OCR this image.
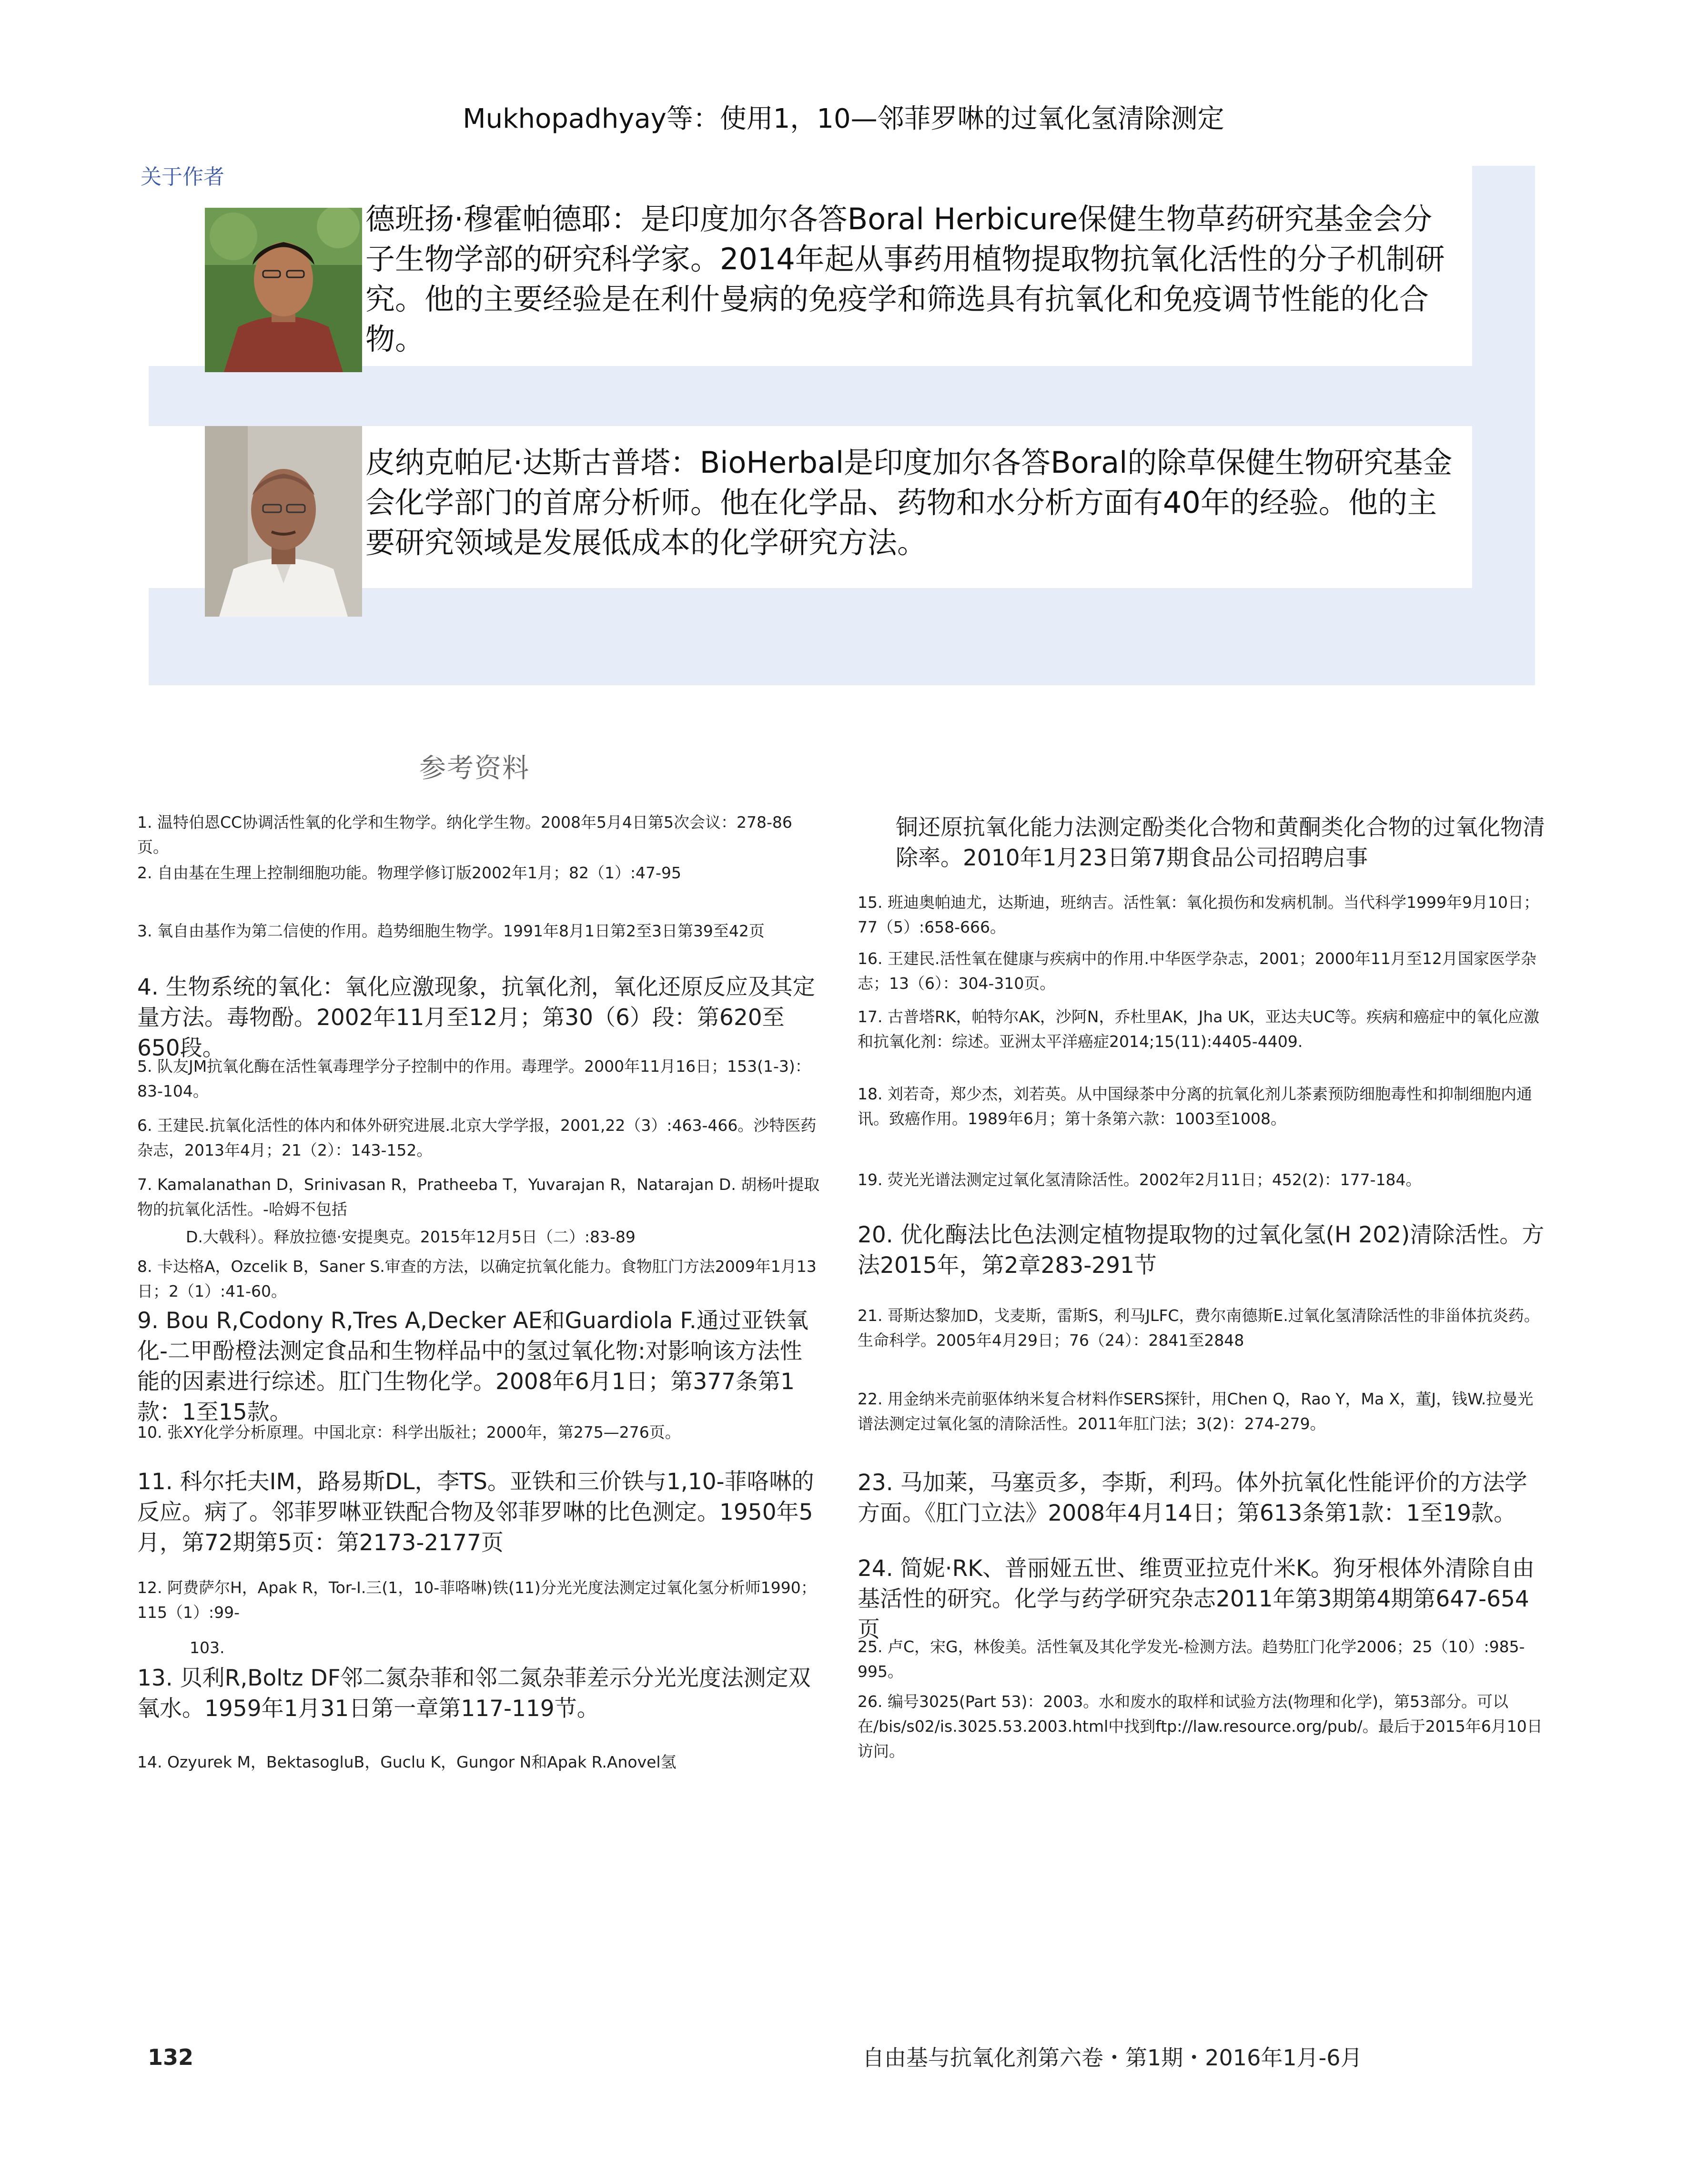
Mukhopadhyay等：使用1，10—邻菲罗啉的过氧化氢清除测定
德班扬·穆霍帕德耶：是印度加尔各答Boral Herbicure保健生物草药研究基金会分子生物学部的研究科学家。2014年起从事药用植物提取物抗氧化活性的分子机制研究。他的主要经验是在利什曼病的免疫学和筛选具有抗氧化和免疫调节性能的化合物。
皮纳克帕尼·达斯古普塔：BioHerbal是印度加尔各答Boral的除草保健生物研究基金会化学部门的首席分析师。他在化学品、药物和水分析方面有40年的经验。他的主要研究领域是发展低成本的化学研究方法。
关于作者
参考资料
1. 温特伯恩CC协调活性氧的化学和生物学。纳化学生物。2008年5月4日第5次会议：278-86页。
2. 自由基在生理上控制细胞功能。物理学修订版2002年1月；82（1）:47-95
3. 氧自由基作为第二信使的作用。趋势细胞生物学。1991年8月1日第2至3日第39至42页
4. 生物系统的氧化：氧化应激现象，抗氧化剂，氧化还原反应及其定量方法。毒物酚。2002年11月至12月；第30（6）段：第620至650段。
5. 队友JM抗氧化酶在活性氧毒理学分子控制中的作用。毒理学。2000年11月16日；153(1-3)：83-104。
6. 王建民.抗氧化活性的体内和体外研究进展.北京大学学报，2001,22（3）:463-466。沙特医药杂志，2013年4月；21（2）：143-152。
7. Kamalanathan D，Srinivasan R，Pratheeba T，Yuvarajan R，Natarajan D. 胡杨叶提取物的抗氧化活性。-哈姆不包括
D.大戟科）。释放拉德·安提奥克。2015年12月5日（二）:83-89
8. 卡达格A，Ozcelik B，Saner S.审查的方法，以确定抗氧化能力。食物肛门方法2009年1月13日；2（1）:41-60。
9. Bou R,Codony R,Tres A,Decker AE和Guardiola F.通过亚铁氧化-二甲酚橙法测定食品和生物样品中的氢过氧化物:对影响该方法性能的因素进行综述。肛门生物化学。2008年6月1日；第377条第1款：1至15款。
10. 张XY化学分析原理。中国北京：科学出版社；2000年，第275—276页。
11. 科尔托夫IM，路易斯DL，李TS。亚铁和三价铁与1,10-菲咯啉的反应。病了。邻菲罗啉亚铁配合物及邻菲罗啉的比色测定。1950年5月，第72期第5页：第2173-2177页
12. 阿费萨尔H，Apak R，Tor-Ⅰ.三(1，10-菲咯啉)铁(11)分光光度法测定过氧化氢分析师1990；115（1）:99-
103.
13. 贝利R,Boltz DF邻二氮杂菲和邻二氮杂菲差示分光光度法测定双氧水。1959年1月31日第一章第117-119节。
14. Ozyurek M，BektasogluB，Guclu K，Gungor N和Apak R.Anovel氢
铜还原抗氧化能力法测定酚类化合物和黄酮类化合物的过氧化物清除率。2010年1月23日第7期食品公司招聘启事
15. 班迪奥帕迪尤，达斯迪，班纳吉。活性氧：氧化损伤和发病机制。当代科学1999年9月10日；77（5）:658-666。
16. 王建民.活性氧在健康与疾病中的作用.中华医学杂志，2001；2000年11月至12月国家医学杂志；13（6）：304-310页。
17. 古普塔RK，帕特尔AK，沙阿N，乔杜里AK，Jha UK，亚达夫UC等。疾病和癌症中的氧化应激和抗氧化剂：综述。亚洲太平洋癌症2014;15(11):4405-4409.
18. 刘若奇，郑少杰，刘若英。从中国绿茶中分离的抗氧化剂儿茶素预防细胞毒性和抑制细胞内通讯。致癌作用。1989年6月；第十条第六款：1003至1008。
19. 荧光光谱法测定过氧化氢清除活性。2002年2月11日；452(2)：177-184。
20. 优化酶法比色法测定植物提取物的过氧化氢(H 202)清除活性。方法2015年，第2章283-291节
21. 哥斯达黎加D，戈麦斯，雷斯S，利马JLFC，费尔南德斯E.过氧化氢清除活性的非甾体抗炎药。生命科学。2005年4月29日；76（24）：2841至2848
22. 用金纳米壳前驱体纳米复合材料作SERS探针，用Chen Q，Rao Y，Ma X，董J，钱W.拉曼光谱法测定过氧化氢的清除活性。2011年肛门法；3(2)：274-279。
23. 马加莱，马塞贡多，李斯，利玛。体外抗氧化性能评价的方法学方面。《肛门立法》2008年4月14日；第613条第1款：1至19款。
24. 简妮·RK、普丽娅五世、维贾亚拉克什米K。狗牙根体外清除自由基活性的研究。化学与药学研究杂志2011年第3期第4期第647-654页
25. 卢C，宋G，林俊美。活性氧及其化学发光-检测方法。趋势肛门化学2006；25（10）:985-995。
26. 编号3025(Part 53)：2003。水和废水的取样和试验方法(物理和化学)，第53部分。可以在/bis/s02/is.3025.53.2003.html中找到ftp://law.resource.org/pub/。最后于2015年6月10日访问。
132	自由基与抗氧化剂第六卷・第1期・2016年1月-6月
